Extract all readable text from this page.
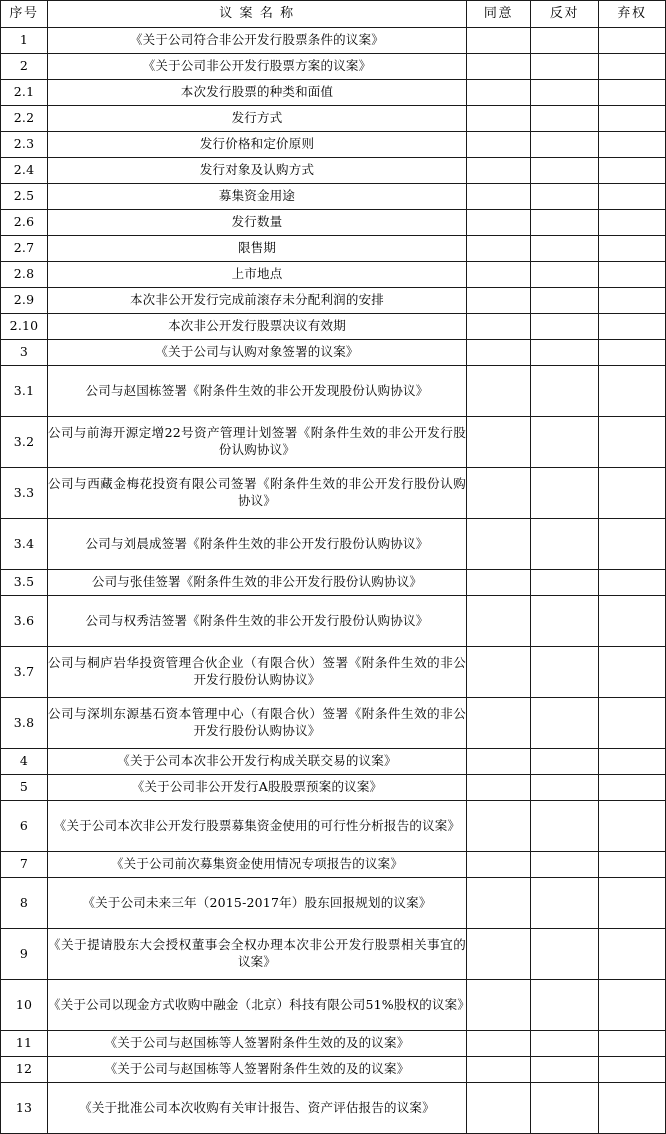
序号	议 案 名 称	同意	反对	弃权
1	《关于公司符合非公开发行股票条件的议案》			

2	《关于公司非公开发行股票方案的议案》			

2.1	本次发行股票的种类和面值			

2.2	发行方式			

2.3	发行价格和定价原则			

2.4	发行对象及认购方式			

2.5	募集资金用途			

2.6	发行数量			

2.7	限售期			

2.8	上市地点			

2.9	本次非公开发行完成前滚存未分配利润的安排			

2.10	本次非公开发行股票决议有效期			

3	《关于公司与认购对象签署的议案》			

3.1	公司与赵国栋签署《附条件生效的非公开发现股份认购协议》			

3.2	公司与前海开源定增22号资产管理计划签署《附条件生效的非公开发行股份认购协议》			

3.3	公司与西藏金梅花投资有限公司签署《附条件生效的非公开发行股份认购协议》			

3.4	公司与刘晨成签署《附条件生效的非公开发行股份认购协议》			

3.5	公司与张佳签署《附条件生效的非公开发行股份认购协议》			

3.6	公司与权秀洁签署《附条件生效的非公开发行股份认购协议》			

3.7	公司与桐庐岩华投资管理合伙企业（有限合伙）签署《附条件生效的非公开发行股份认购协议》			

3.8	公司与深圳东源基石资本管理中心（有限合伙）签署《附条件生效的非公开发行股份认购协议》			

4	《关于公司本次非公开发行构成关联交易的议案》			

5	《关于公司非公开发行A股股票预案的议案》			

6	《关于公司本次非公开发行股票募集资金使用的可行性分析报告的议案》			

7	《关于公司前次募集资金使用情况专项报告的议案》			

8	《关于公司未来三年（2015-2017年）股东回报规划的议案》			

9	《关于提请股东大会授权董事会全权办理本次非公开发行股票相关事宜的议案》			

10	《关于公司以现金方式收购中融金（北京）科技有限公司51%股权的议案》			

11	《关于公司与赵国栋等人签署附条件生效的及的议案》			

12	《关于公司与赵国栋等人签署附条件生效的及的议案》			

13	《关于批准公司本次收购有关审计报告、资产评估报告的议案》			
